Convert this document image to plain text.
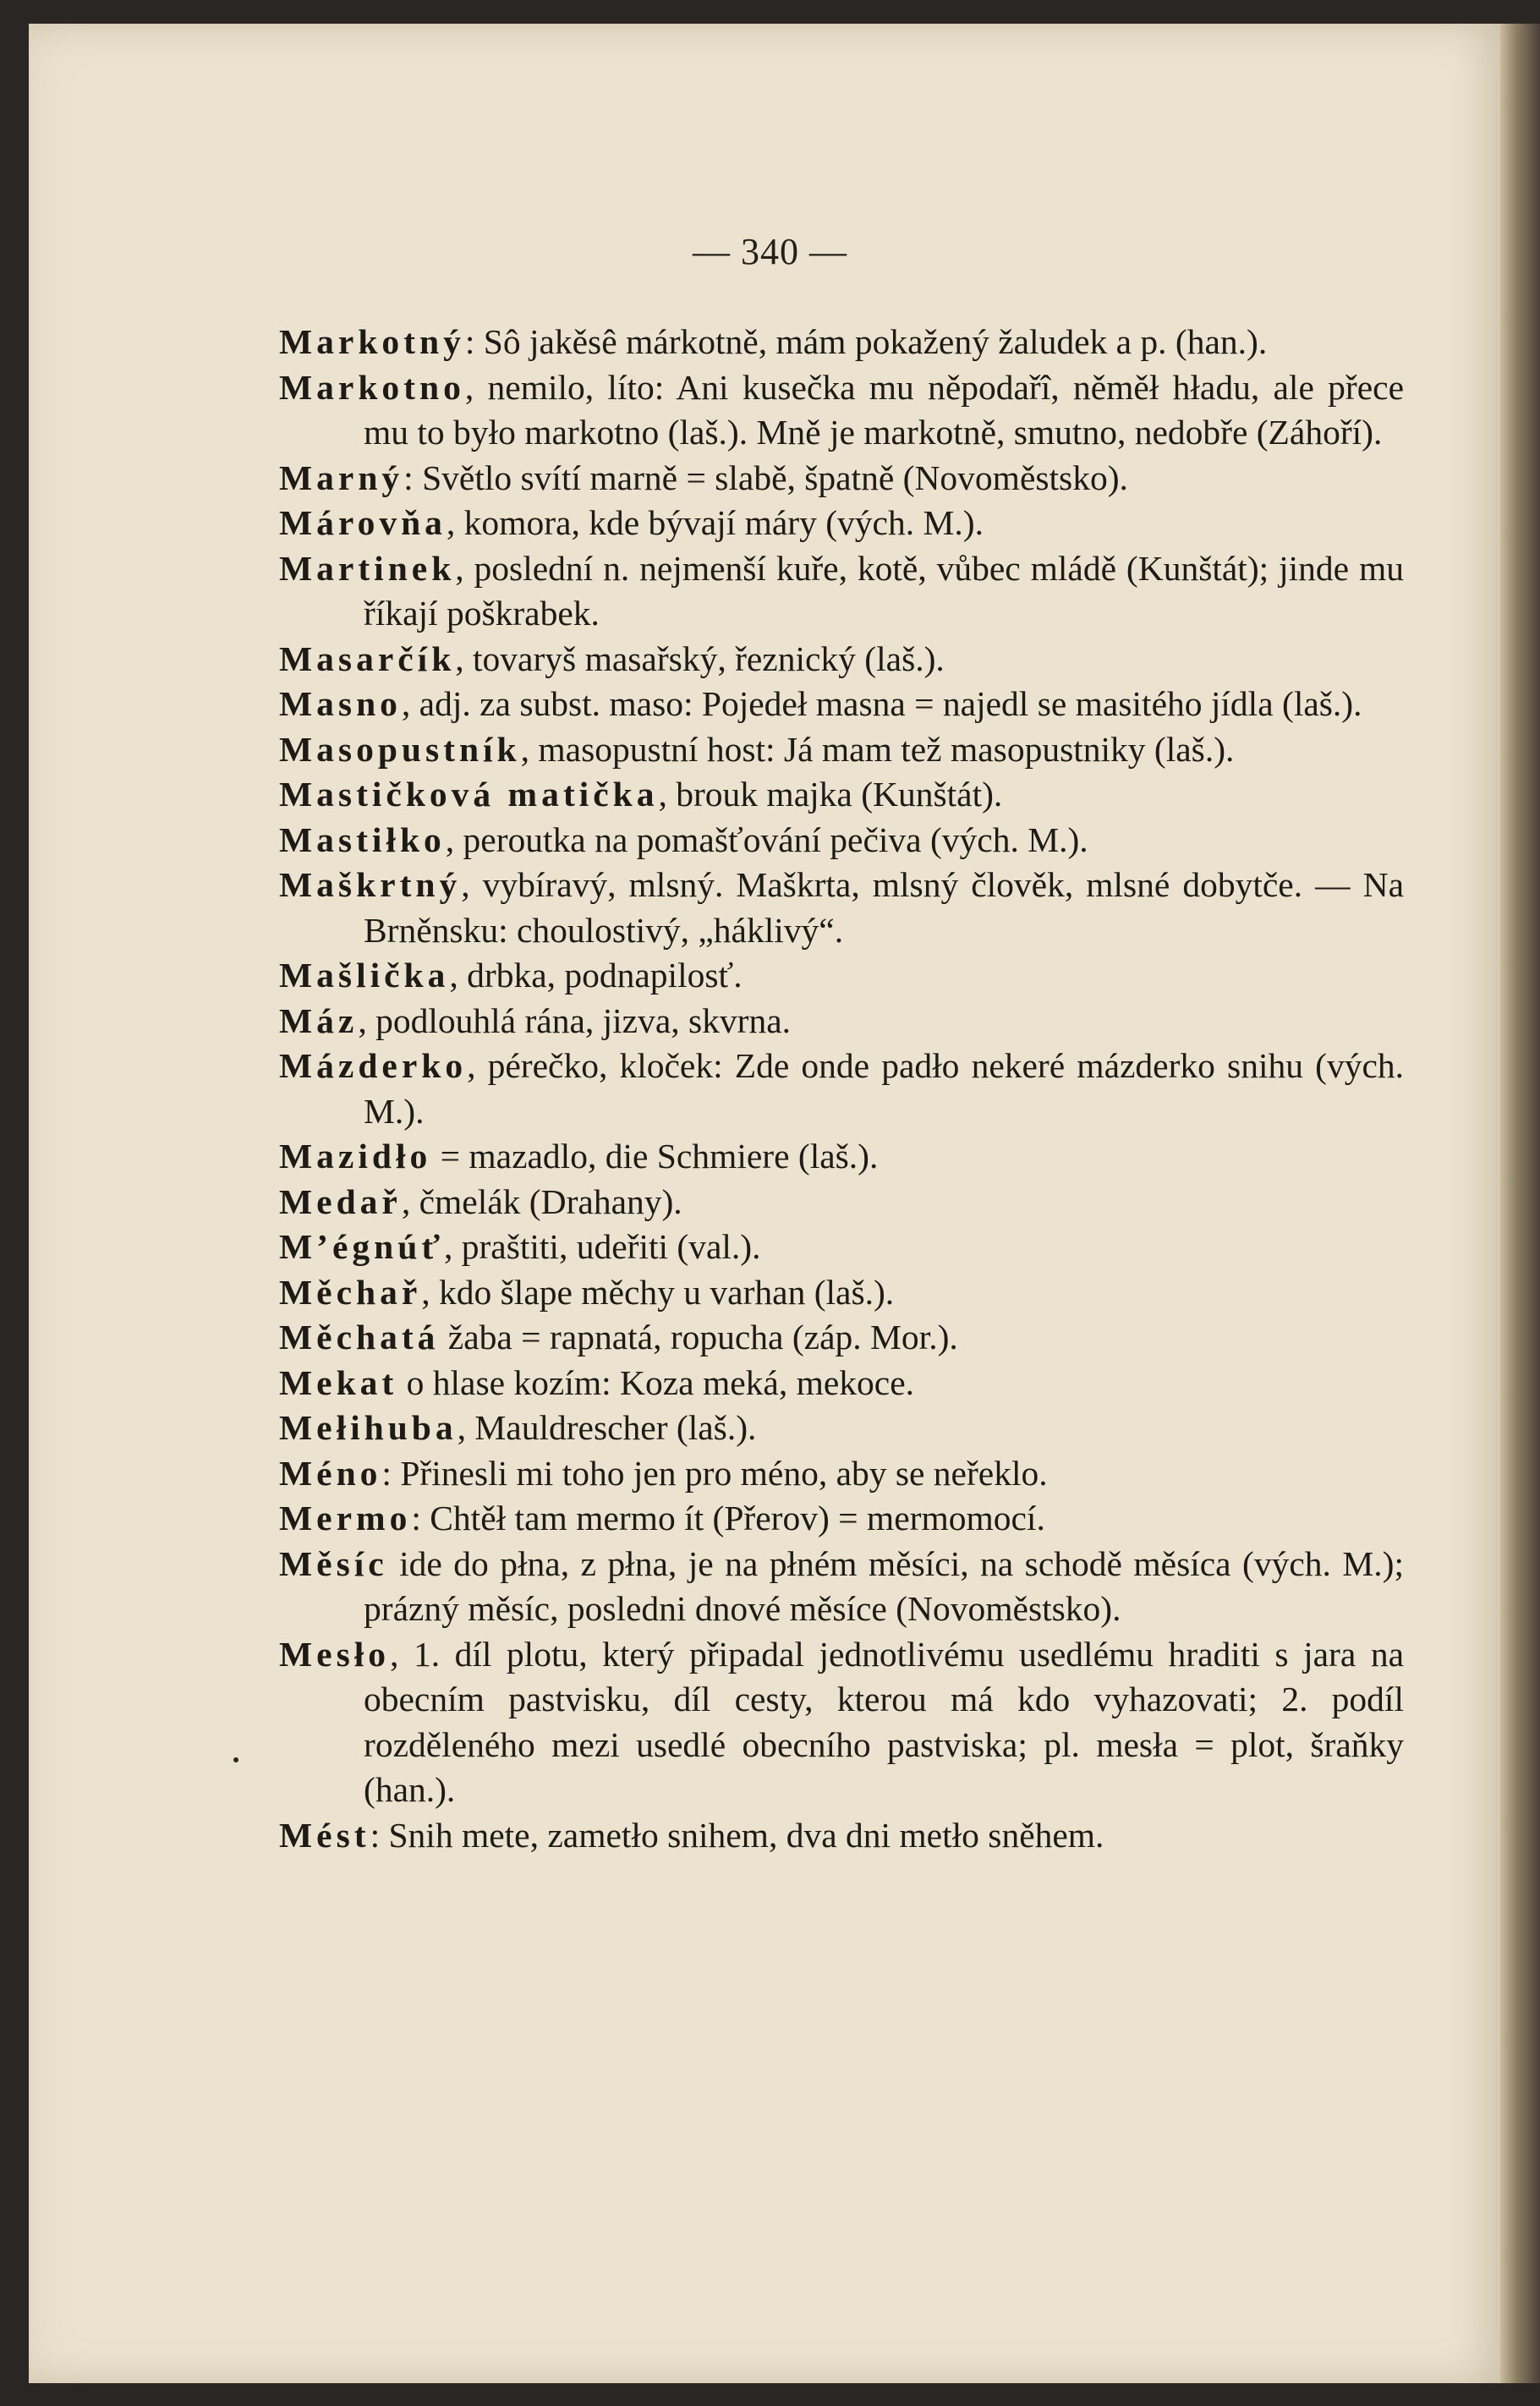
— 340 —

Markotný: Sô jakěsê márkotně, mám pokažený žaludek a p. (han.).

Markotno, nemilo, líto: Ani kusečka mu něpodařî, něměł hładu, ale přece mu to było markotno (laš.). Mně je markotně, smutno, nedobře (Záhoří).

Marný: Světlo svítí marně = slabě, špatně (Novoměstsko).

Márovňa, komora, kde bývají máry (vých. M.).

Martinek, poslední n. nejmenší kuře, kotě, vůbec mládě (Kunštát); jinde mu říkají poškrabek.

Masarčík, tovaryš masařský, řeznický (laš.).

Masno, adj. za subst. maso: Pojedeł masna = najedl se masitého jídla (laš.).

Masopustník, masopustní host: Já mam tež masopustniky (laš.).

Mastičková matička, brouk majka (Kunštát).

Mastiłko, peroutka na pomašťování pečiva (vých. M.).

Maškrtný, vybíravý, mlsný. Maškrta, mlsný člověk, mlsné dobytče. — Na Brněnsku: choulostivý, „háklivý“.

Mašlička, drbka, podnapilosť.

Máz, podlouhlá rána, jizva, skvrna.

Mázderko, pérečko, kloček: Zde onde padło nekeré mázderko snihu (vých. M.).

Mazidło = mazadlo, die Schmiere (laš.).

Medař, čmelák (Drahany).

M’égnúť, praštiti, udeřiti (val.).

Měchař, kdo šlape měchy u varhan (laš.).

Měchatá žaba = rapnatá, ropucha (záp. Mor.).

Mekat o hlase kozím: Koza meká, mekoce.

Mełihuba, Mauldrescher (laš.).

Méno: Přinesli mi toho jen pro méno, aby se neřeklo.

Mermo: Chtěł tam mermo ít (Přerov) = mermomocí.

Měsíc ide do płna, z płna, je na płném měsíci, na schodě měsíca (vých. M.); prázný měsíc, posledni dnové měsíce (Novoměstsko).

Mesło, 1. díl plotu, který připadal jednotlivému usedlému hraditi s jara na obecním pastvisku, díl cesty, kterou má kdo vyhazovati; 2. podíl rozděleného mezi usedlé obecního pastviska; pl. mesła = plot, šraňky (han.).

Mést: Snih mete, zametło snihem, dva dni metło sněhem.
